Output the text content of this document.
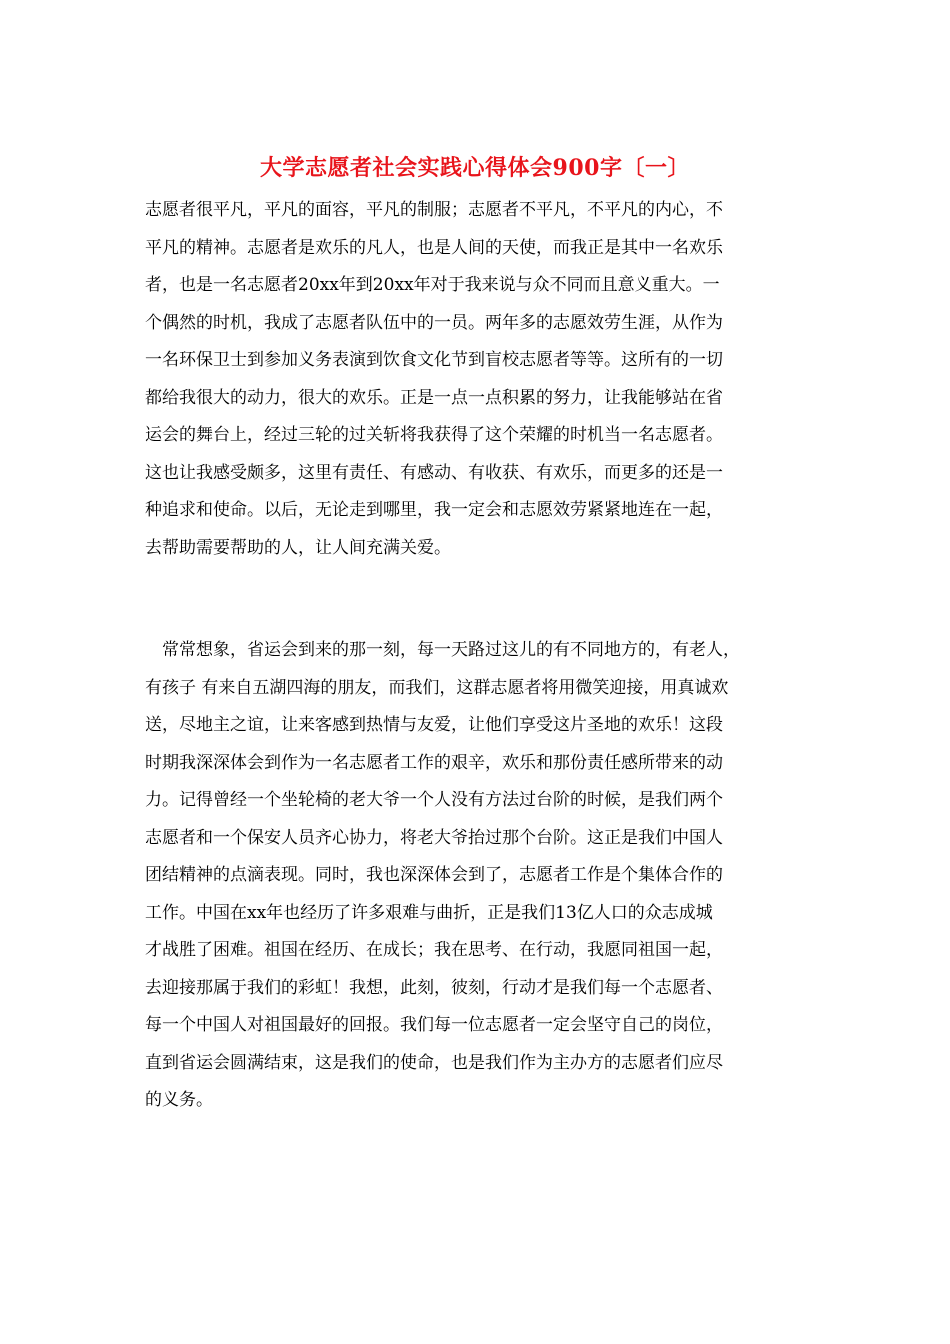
大学志愿者社会实践心得体会900字〔一〕
志愿者很平凡，平凡的面容，平凡的制服；志愿者不平凡，不平凡的内心，不
平凡的精神。志愿者是欢乐的凡人，也是人间的天使，而我正是其中一名欢乐
者，也是一名志愿者20xx年到20xx年对于我来说与众不同而且意义重大。一
个偶然的时机，我成了志愿者队伍中的一员。两年多的志愿效劳生涯，从作为
一名环保卫士到参加义务表演到饮食文化节到盲校志愿者等等。这所有的一切
都给我很大的动力，很大的欢乐。正是一点一点积累的努力，让我能够站在省
运会的舞台上，经过三轮的过关斩将我获得了这个荣耀的时机当一名志愿者。
这也让我感受颇多，这里有责任、有感动、有收获、有欢乐，而更多的还是一
种追求和使命。以后，无论走到哪里，我一定会和志愿效劳紧紧地连在一起，
去帮助需要帮助的人，让人间充满关爱。
　常常想象，省运会到来的那一刻，每一天路过这儿的有不同地方的，有老人，
有孩子 有来自五湖四海的朋友，而我们，这群志愿者将用微笑迎接，用真诚欢
送，尽地主之谊，让来客感到热情与友爱，让他们享受这片圣地的欢乐！这段
时期我深深体会到作为一名志愿者工作的艰辛，欢乐和那份责任感所带来的动
力。记得曾经一个坐轮椅的老大爷一个人没有方法过台阶的时候，是我们两个
志愿者和一个保安人员齐心协力，将老大爷抬过那个台阶。这正是我们中国人
团结精神的点滴表现。同时，我也深深体会到了，志愿者工作是个集体合作的
工作。中国在xx年也经历了许多艰难与曲折，正是我们13亿人口的众志成城
才战胜了困难。祖国在经历、在成长；我在思考、在行动，我愿同祖国一起，
去迎接那属于我们的彩虹！我想，此刻，彼刻，行动才是我们每一个志愿者、
每一个中国人对祖国最好的回报。我们每一位志愿者一定会坚守自己的岗位，
直到省运会圆满结束，这是我们的使命，也是我们作为主办方的志愿者们应尽
的义务。
